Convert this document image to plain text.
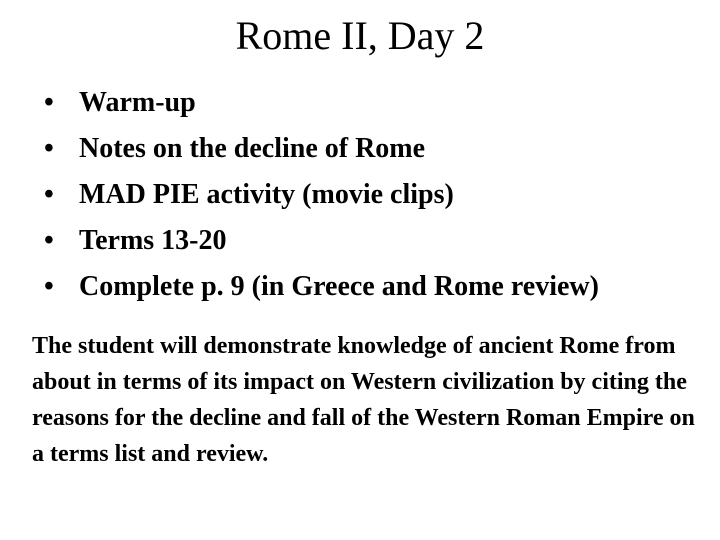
Rome II, Day 2
• Warm-up
• Notes on the decline of Rome
• MAD PIE activity (movie clips)
• Terms 13-20
• Complete p. 9 (in Greece and Rome review)

The student will demonstrate knowledge of ancient Rome from about in terms of its impact on Western civilization by citing the reasons for the decline and fall of the Western Roman Empire on a terms list and review.
